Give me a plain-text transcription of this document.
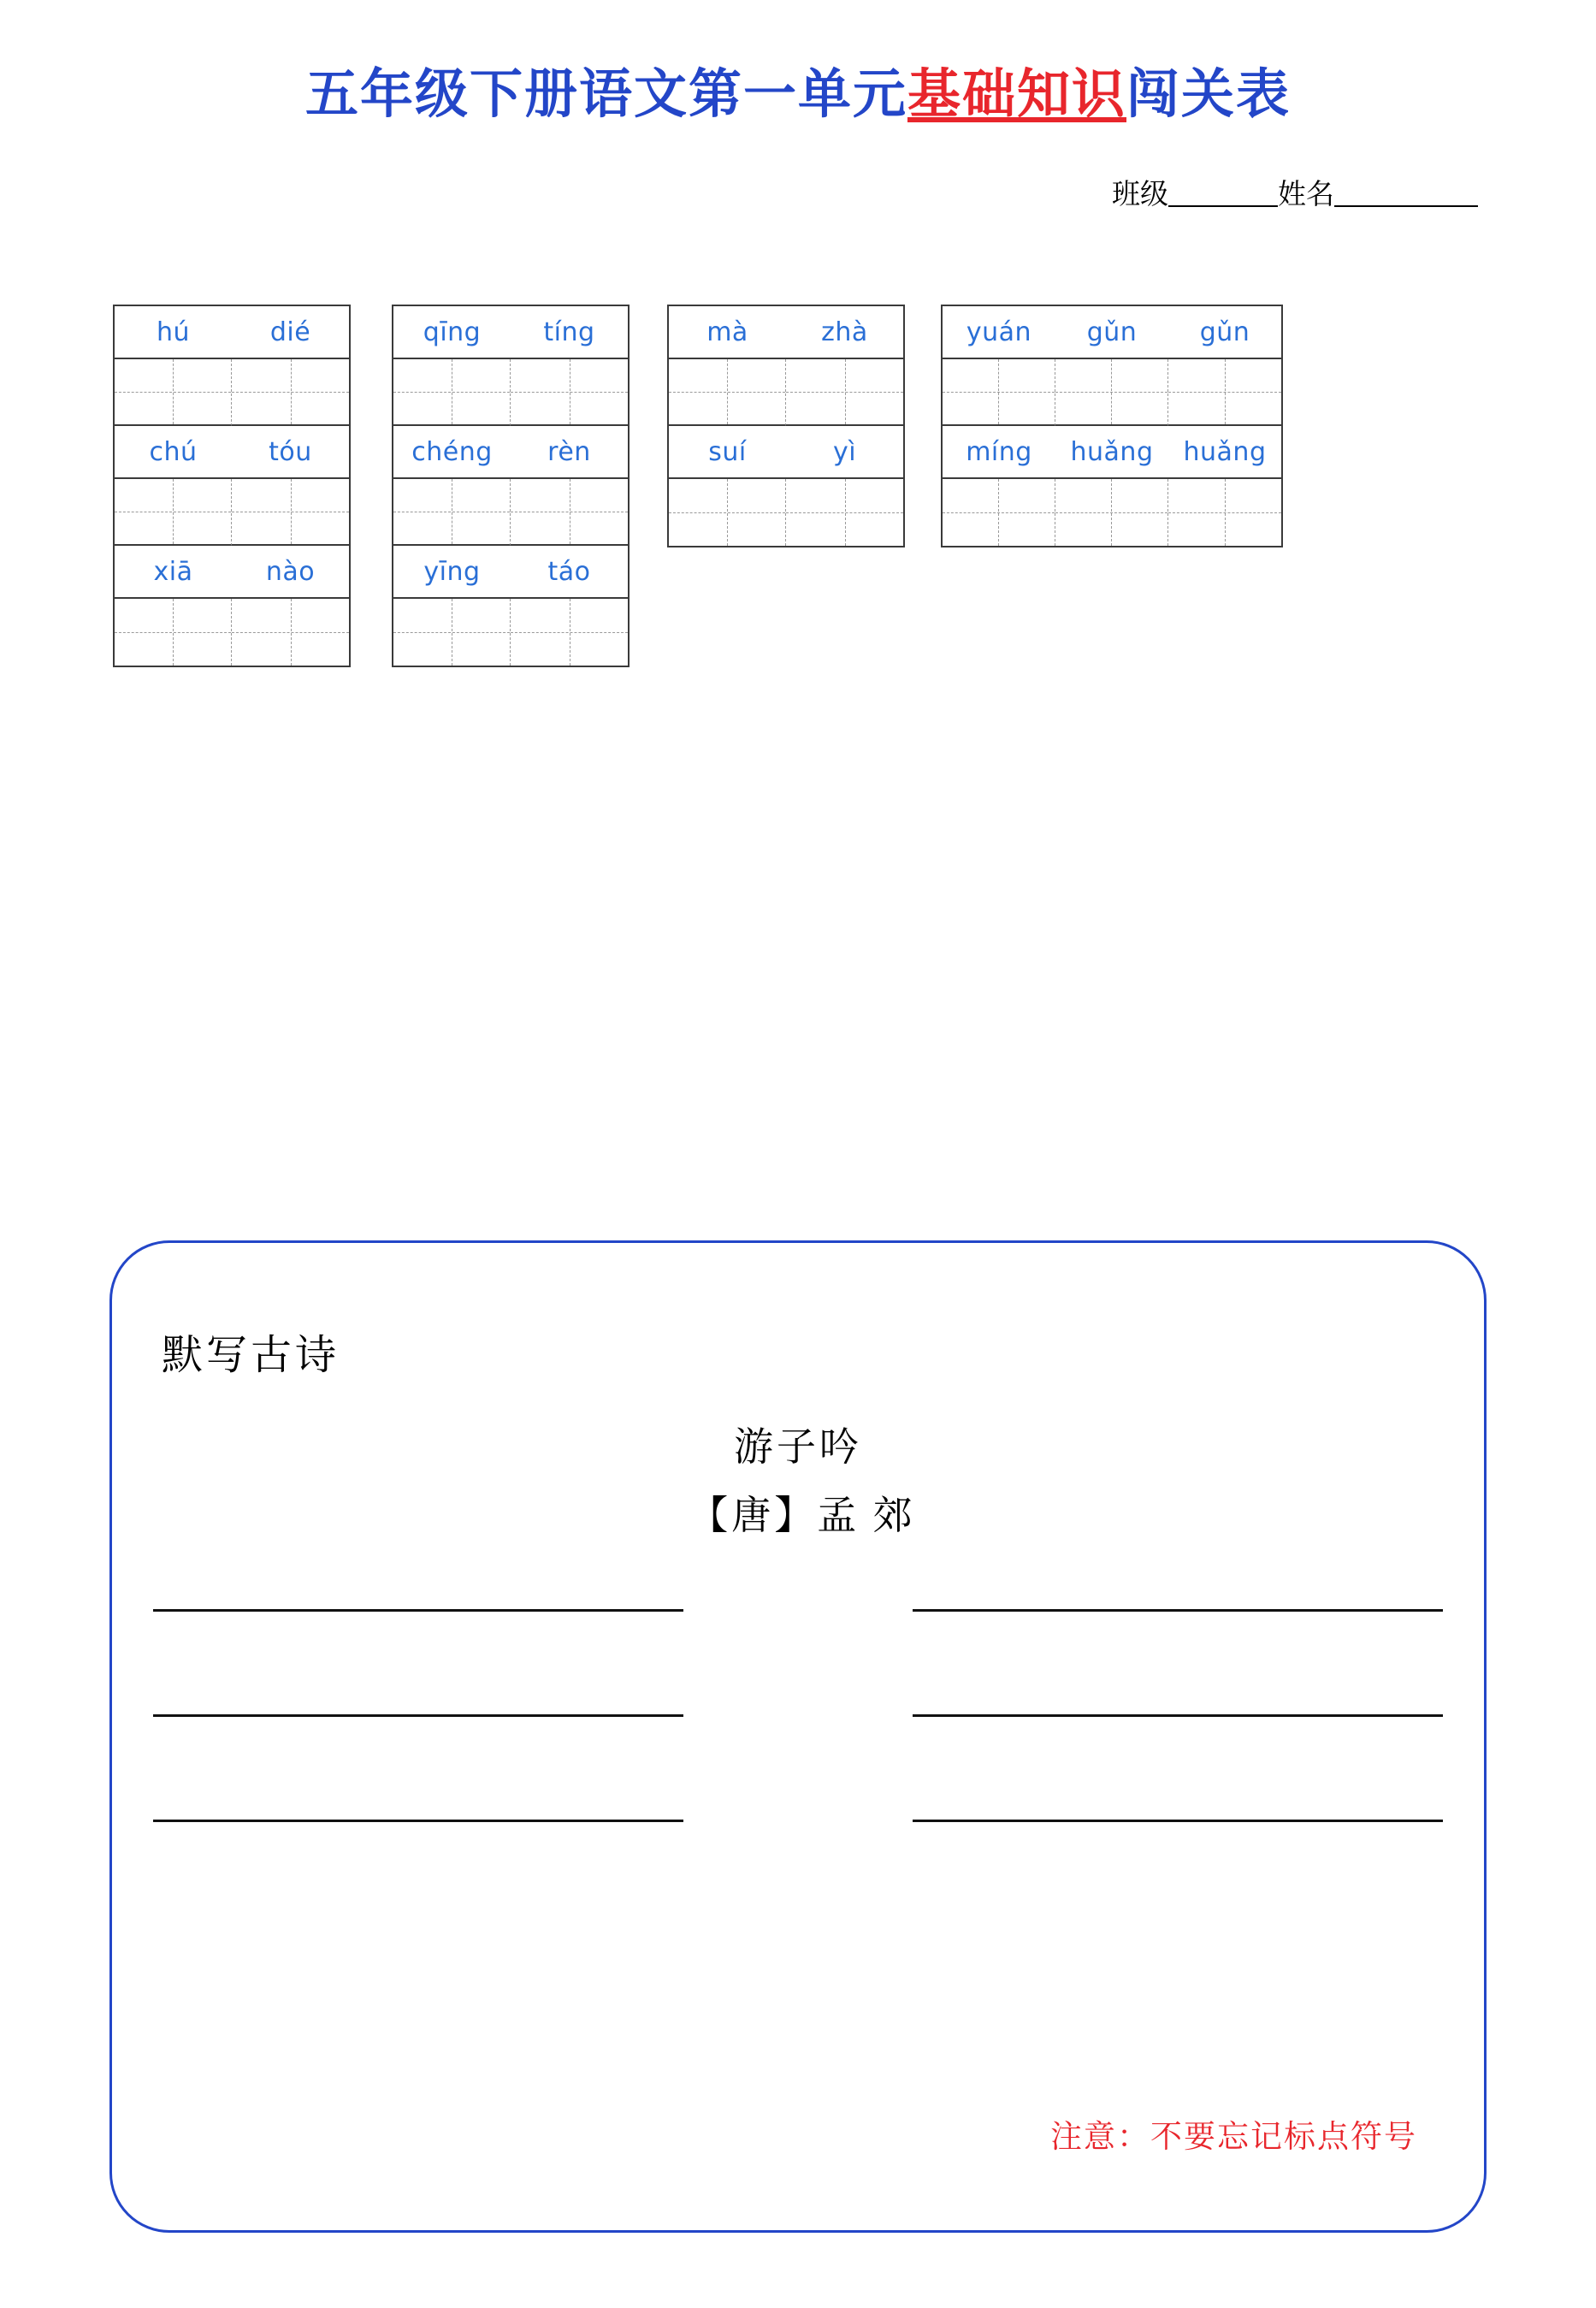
五年级下册语文第一单元基础知识闯关表
班级	姓名
hú	dié
chú	tóu
xiā	nào
qīng	tíng
chéng	rèn
yīng	táo
mà	zhà
suí	yì
yuán	gǔn	gǔn
míng	huǎng	huǎng
默写古诗
游子吟
【唐】孟 郊
注意：不要忘记标点符号
